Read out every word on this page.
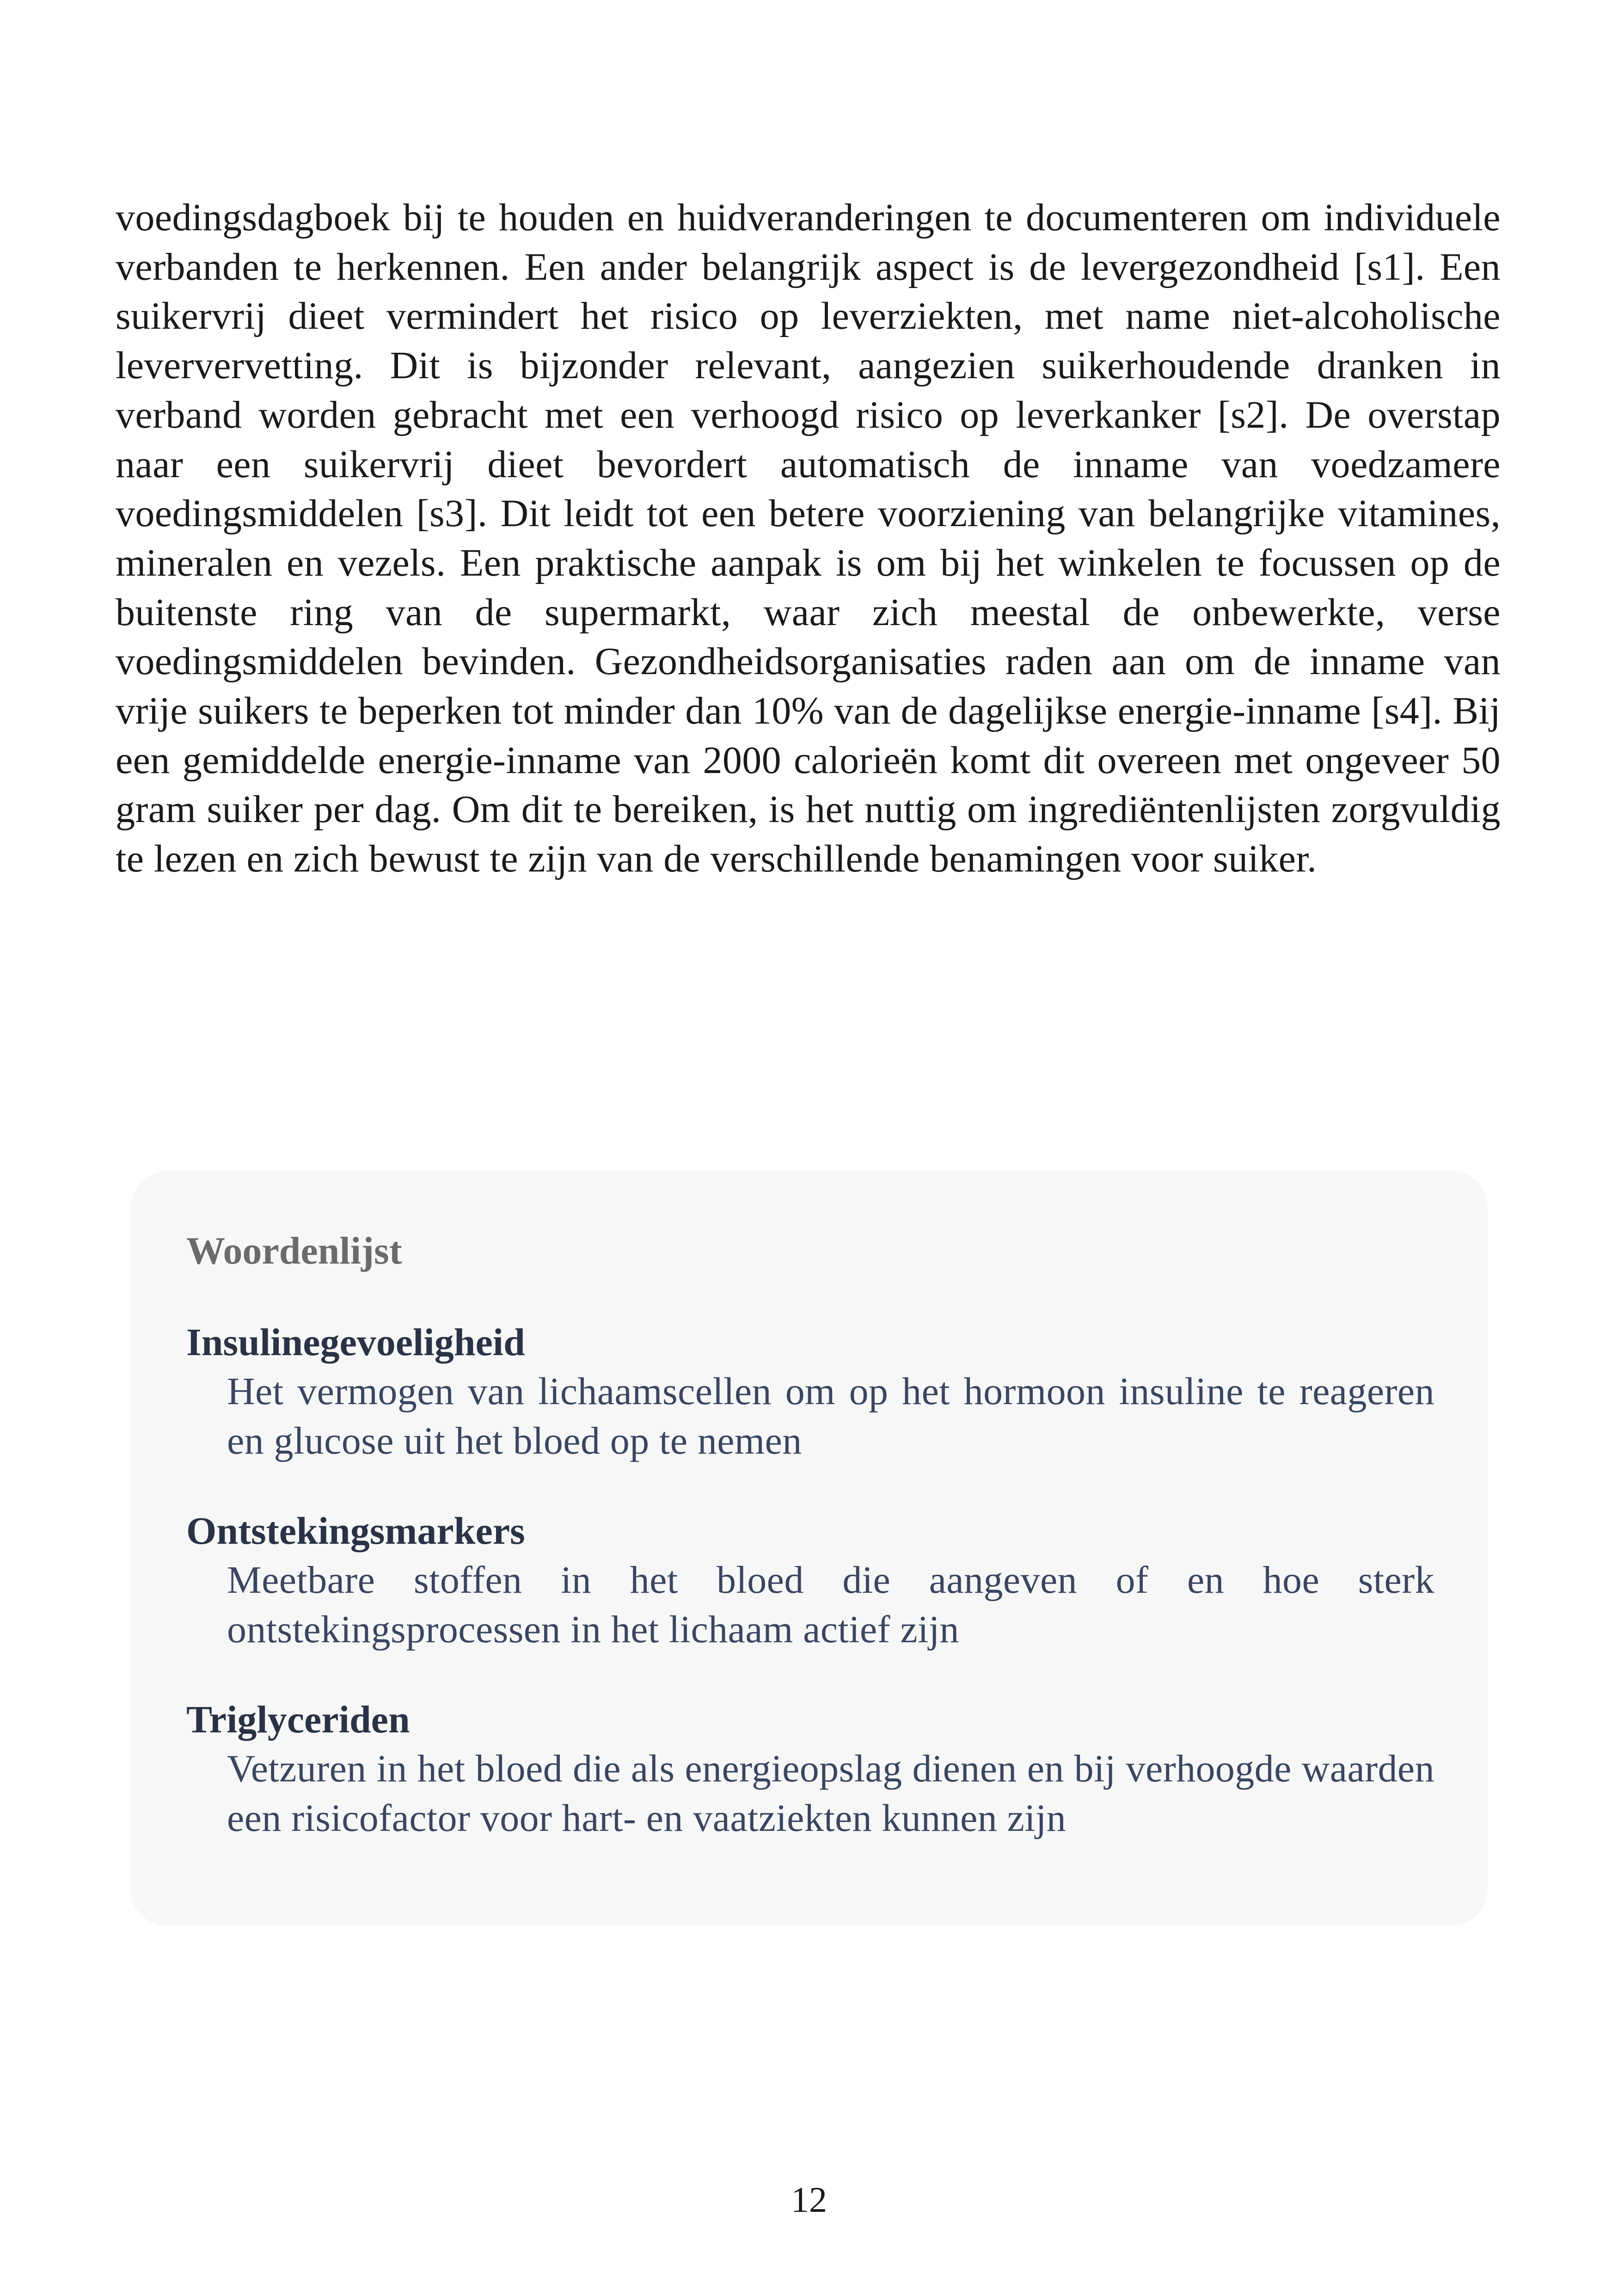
voedingsdagboek bij te houden en huidveranderingen te documenteren om individuele verbanden te herkennen. Een ander belangrijk aspect is de levergezondheid [s1]. Een suikervrij dieet vermindert het risico op leverziekten, met name niet-alcoholische leververvetting. Dit is bijzonder relevant, aangezien suikerhoudende dranken in verband worden gebracht met een verhoogd risico op leverkanker [s2]. De overstap naar een suikervrij dieet bevordert automatisch de inname van voedzamere voedingsmiddelen [s3]. Dit leidt tot een betere voorziening van belangrijke vitamines, mineralen en vezels. Een praktische aanpak is om bij het winkelen te focussen op de buitenste ring van de supermarkt, waar zich meestal de onbewerkte, verse voedingsmiddelen bevinden. Gezondheidsorganisaties raden aan om de inname van vrije suikers te beperken tot minder dan 10% van de dagelijkse energie-inname [s4]. Bij een gemiddelde energie-inname van 2000 calorieën komt dit overeen met ongeveer 50 gram suiker per dag. Om dit te bereiken, is het nuttig om ingrediëntenlijsten zorgvuldig te lezen en zich bewust te zijn van de verschillende benamingen voor suiker.

Woordenlijst

Insulinegevoeligheid

Het vermogen van lichaamscellen om op het hormoon insuline te reageren en glucose uit het bloed op te nemen

Ontstekingsmarkers

Meetbare stoffen in het bloed die aangeven of en hoe sterk ontstekingsprocessen in het lichaam actief zijn

Triglyceriden

Vetzuren in het bloed die als energieopslag dienen en bij verhoogde waarden een risicofactor voor hart- en vaatziekten kunnen zijn

12
